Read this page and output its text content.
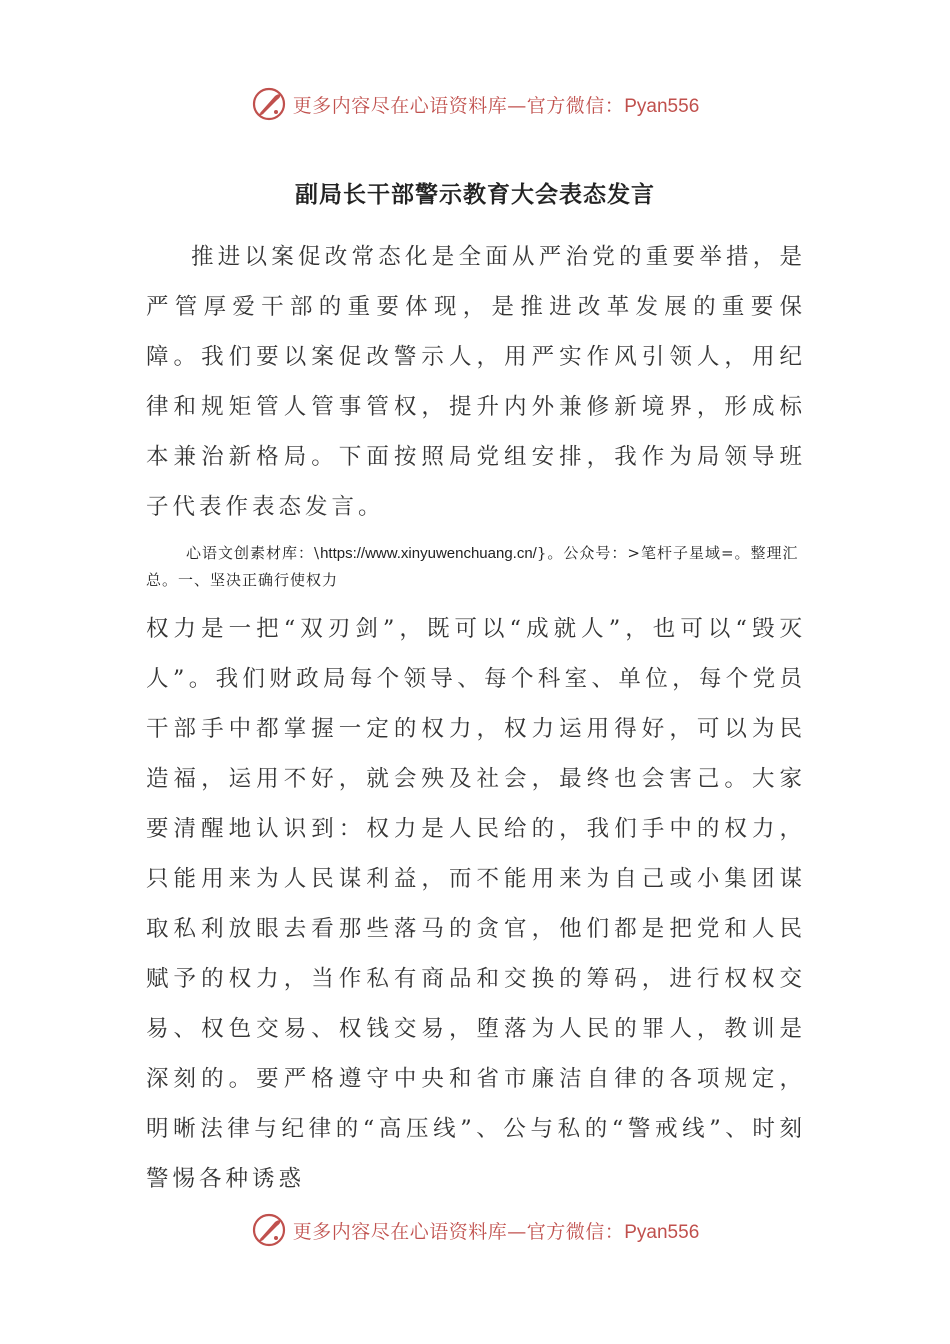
更多内容尽在心语资料库—官方微信：Pyan556
副局长干部警示教育大会表态发言

推进以案促改常态化是全面从严治党的重要举措，是严管厚爱干部的重要体现，是推进改革发展的重要保障。我们要以案促改警示人，用严实作风引领人，用纪律和规矩管人管事管权，提升内外兼修新境界，形成标本兼治新格局。下面按照局党组安排，我作为局领导班子代表作表态发言。

心语文创素材库：\https://www.xinyuwenchuang.cn/}。公众号：>笔杆子星域=。整理汇总。一、坚决正确行使权力

权力是一把“双刃剑”，既可以“成就人”，也可以“毁灭人”。我们财政局每个领导、每个科室、单位，每个党员干部手中都掌握一定的权力，权力运用得好，可以为民造福，运用不好，就会殃及社会，最终也会害己。大家要清醒地认识到：权力是人民给的，我们手中的权力，只能用来为人民谋利益，而不能用来为自己或小集团谋取私利放眼去看那些落马的贪官，他们都是把党和人民赋予的权力，当作私有商品和交换的筹码，进行权权交易、权色交易、权钱交易，堕落为人民的罪人，教训是深刻的。要严格遵守中央和省市廉洁自律的各项规定，明晰法律与纪律的“高压线”、公与私的“警戒线”、时刻警惕各种诱惑

更多内容尽在心语资料库—官方微信：Pyan556
